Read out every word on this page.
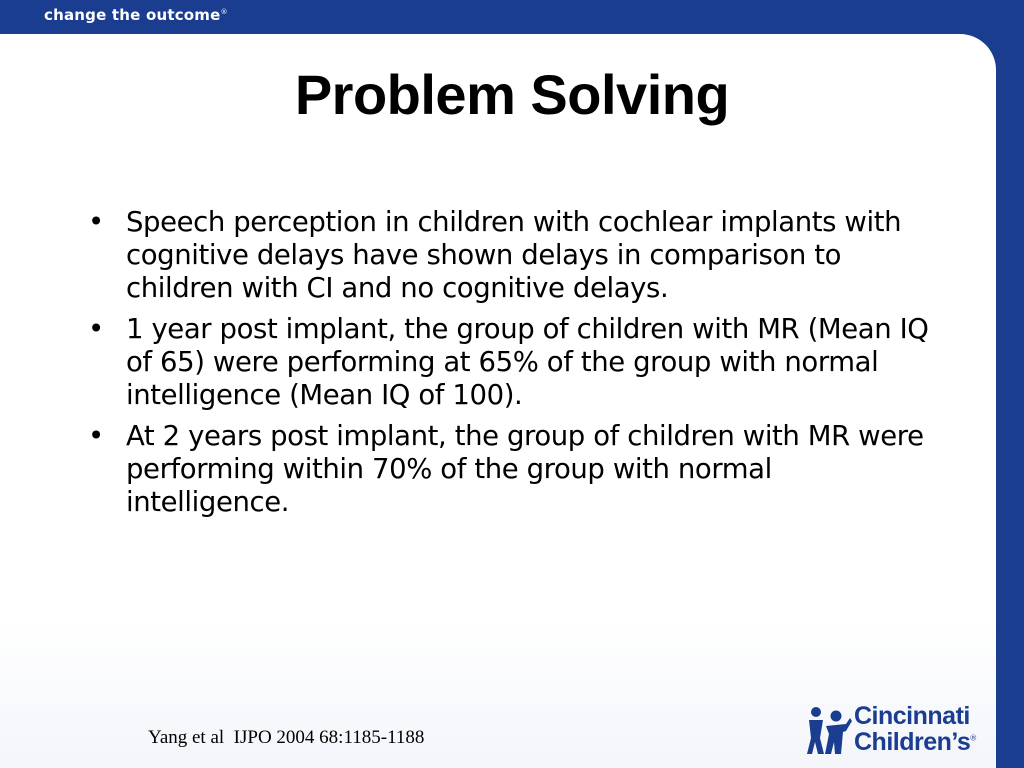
change the outcome®
Problem Solving
• Speech perception in children with cochlear implants with cognitive delays have shown delays in comparison to children with CI and no cognitive delays.
• 1 year post implant, the group of children with MR (Mean IQ of 65) were performing at 65% of the group with normal intelligence (Mean IQ of 100).
• At 2 years post implant, the group of children with MR were performing within 70% of the group with normal intelligence.
Yang et al  IJPO 2004 68:1185-1188
Cincinnati
Children’s®
